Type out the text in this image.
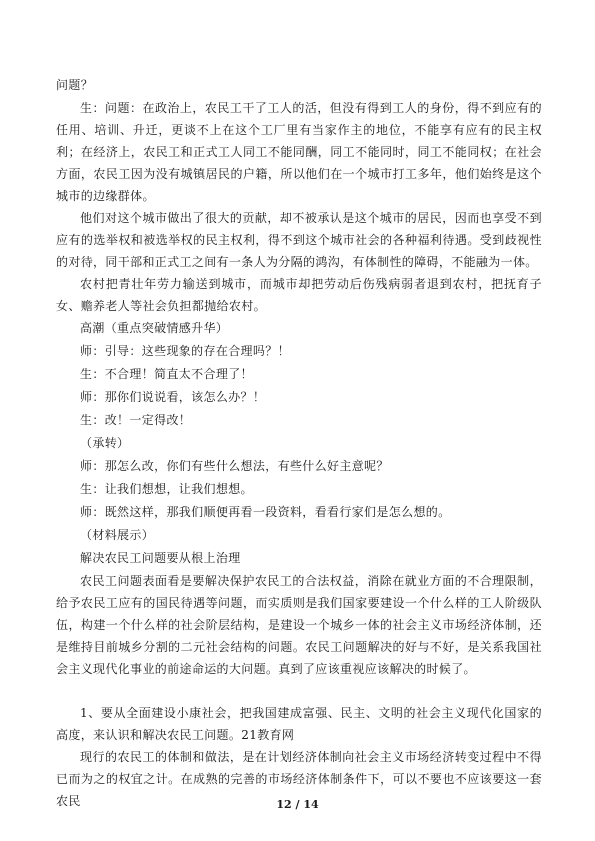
问题？

生：问题：在政治上，农民工干了工人的活，但没有得到工人的身份，得不到应有的任用、培训、升迁，更谈不上在这个工厂里有当家作主的地位，不能享有应有的民主权利；在经济上，农民工和正式工人同工不能同酬，同工不能同时，同工不能同权；在社会方面，农民工因为没有城镇居民的户籍，所以他们在一个城市打工多年，他们始终是这个城市的边缘群体。

他们对这个城市做出了很大的贡献，却不被承认是这个城市的居民，因而也享受不到应有的选举权和被选举权的民主权利，得不到这个城市社会的各种福利待遇。受到歧视性的对待，同干部和正式工之间有一条人为分隔的鸿沟，有体制性的障碍，不能融为一体。

农村把青壮年劳力输送到城市，而城市却把劳动后伤残病弱者退到农村，把抚育子女、赡养老人等社会负担都抛给农村。

高潮（重点突破情感升华）

师：引导：这些现象的存在合理吗？！

生：不合理！简直太不合理了！

师：那你们说说看，该怎么办？！

生：改！一定得改！

（承转）

师：那怎么改，你们有些什么想法，有些什么好主意呢？

生：让我们想想，让我们想想。

师：既然这样，那我们顺便再看一段资料，看看行家们是怎么想的。

（材料展示）

解决农民工问题要从根上治理

农民工问题表面看是要解决保护农民工的合法权益，消除在就业方面的不合理限制，给予农民工应有的国民待遇等问题，而实质则是我们国家要建设一个什么样的工人阶级队伍，构建一个什么样的社会阶层结构，是建设一个城乡一体的社会主义市场经济体制，还是维持目前城乡分割的二元社会结构的问题。农民工问题解决的好与不好，是关系我国社会主义现代化事业的前途命运的大问题。真到了应该重视应该解决的时候了。

1、要从全面建设小康社会，把我国建成富强、民主、文明的社会主义现代化国家的高度，来认识和解决农民工问题。21教育网

现行的农民工的体制和做法，是在计划经济体制向社会主义市场经济转变过程中不得已而为之的权宜之计。在成熟的完善的市场经济体制条件下，可以不要也不应该要这一套农民	12 / 14
